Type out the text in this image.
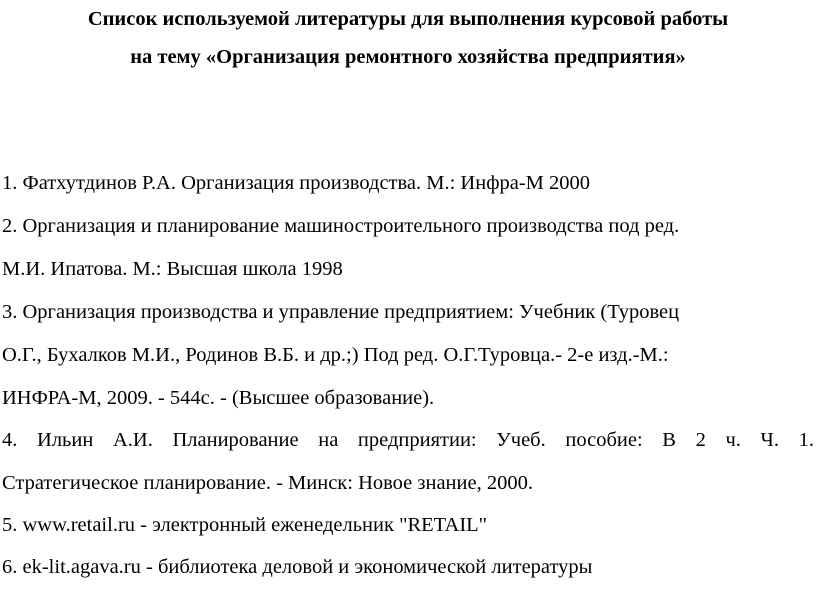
Список используемой литературы для выполнения курсовой работы
на тему «Организация ремонтного хозяйства предприятия»
1. Фатхутдинов Р.А. Организация производства. М.: Инфра-М 2000
2. Организация и планирование машиностроительного производства под ред.
М.И. Ипатова. М.: Высшая школа 1998
3. Организация производства и управление предприятием: Учебник (Туровец
О.Г., Бухалков М.И., Родинов В.Б. и др.;) Под ред. О.Г.Туровца.- 2-е изд.-М.:
ИНФРА-М, 2009. - 544с. - (Высшее образование).
4. Ильин А.И. Планирование на предприятии: Учеб. пособие: В 2 ч. Ч. 1.
Стратегическое планирование. - Минск: Новое знание, 2000.
5. www.retail.ru - электронный еженедельник "RETAIL"
6. ek-lit.agava.ru - библиотека деловой и экономической литературы
